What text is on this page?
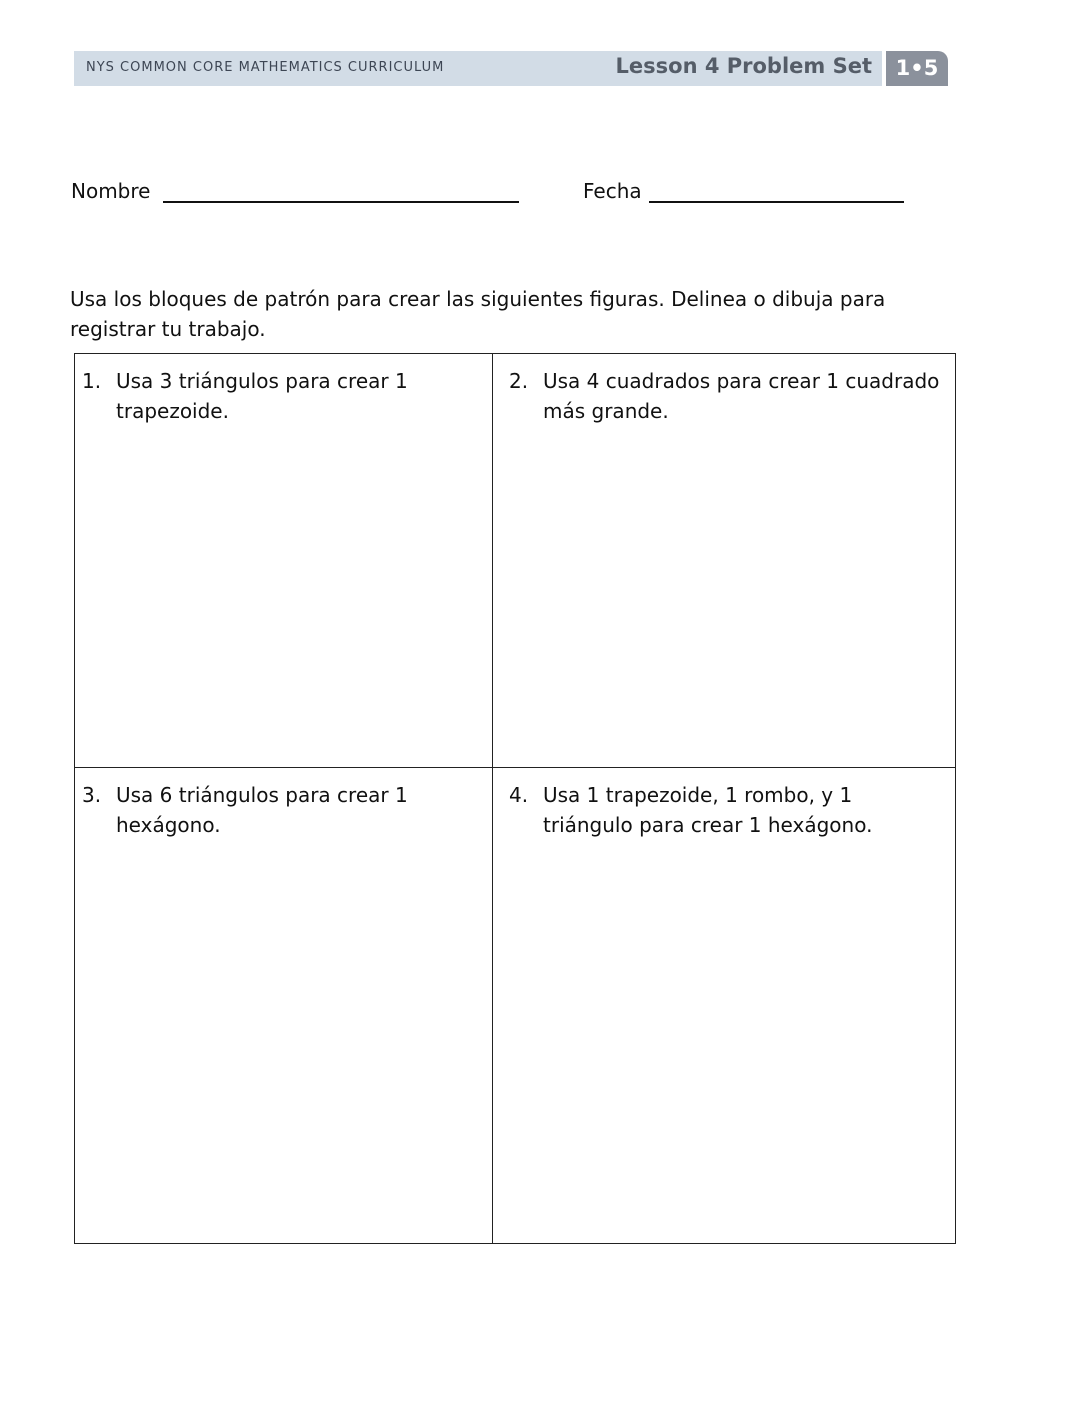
NYS COMMON CORE MATHEMATICS CURRICULUM	Lesson 4 Problem Set	1•5
Nombre	Fecha
Usa los bloques de patrón para crear las siguientes figuras. Delinea o dibuja para registrar tu trabajo.
1. Usa 3 triángulos para crear 1 trapezoide.
2. Usa 4 cuadrados para crear 1 cuadrado más grande.
3. Usa 6 triángulos para crear 1 hexágono.
4. Usa 1 trapezoide, 1 rombo, y 1 triángulo para crear 1 hexágono.
